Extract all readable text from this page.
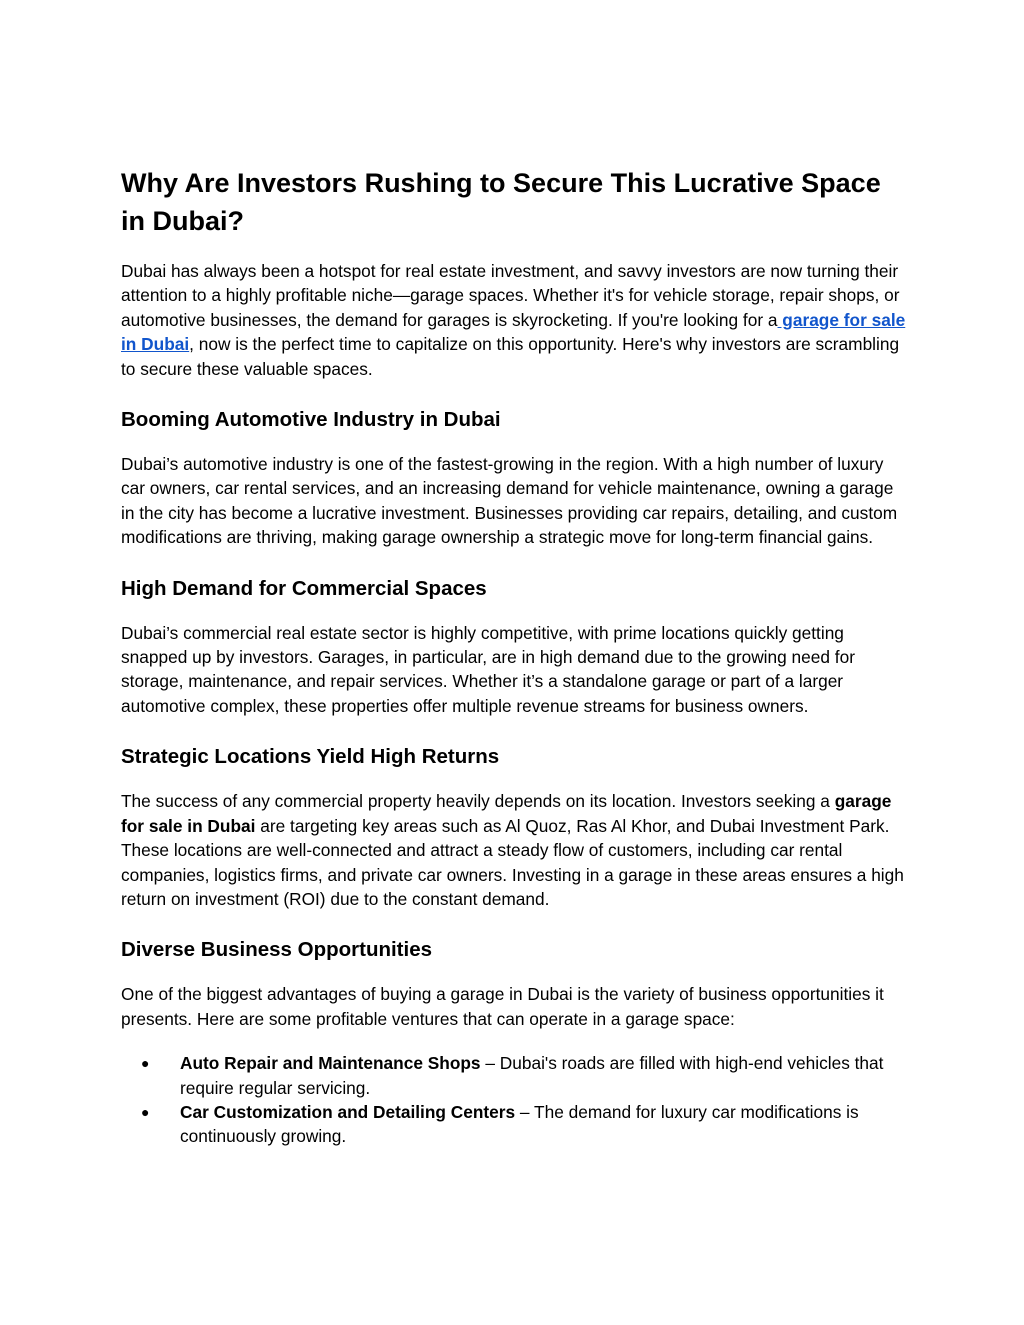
Why Are Investors Rushing to Secure This Lucrative Space in Dubai?

Dubai has always been a hotspot for real estate investment, and savvy investors are now turning their attention to a highly profitable niche—garage spaces. Whether it's for vehicle storage, repair shops, or automotive businesses, the demand for garages is skyrocketing. If you're looking for a garage for sale in Dubai, now is the perfect time to capitalize on this opportunity. Here's why investors are scrambling to secure these valuable spaces.

Booming Automotive Industry in Dubai

Dubai’s automotive industry is one of the fastest-growing in the region. With a high number of luxury car owners, car rental services, and an increasing demand for vehicle maintenance, owning a garage in the city has become a lucrative investment. Businesses providing car repairs, detailing, and custom modifications are thriving, making garage ownership a strategic move for long-term financial gains.

High Demand for Commercial Spaces

Dubai’s commercial real estate sector is highly competitive, with prime locations quickly getting snapped up by investors. Garages, in particular, are in high demand due to the growing need for storage, maintenance, and repair services. Whether it’s a standalone garage or part of a larger automotive complex, these properties offer multiple revenue streams for business owners.

Strategic Locations Yield High Returns

The success of any commercial property heavily depends on its location. Investors seeking a garage for sale in Dubai are targeting key areas such as Al Quoz, Ras Al Khor, and Dubai Investment Park. These locations are well-connected and attract a steady flow of customers, including car rental companies, logistics firms, and private car owners. Investing in a garage in these areas ensures a high return on investment (ROI) due to the constant demand.

Diverse Business Opportunities

One of the biggest advantages of buying a garage in Dubai is the variety of business opportunities it presents. Here are some profitable ventures that can operate in a garage space:

● Auto Repair and Maintenance Shops – Dubai's roads are filled with high-end vehicles that require regular servicing.
● Car Customization and Detailing Centers – The demand for luxury car modifications is continuously growing.
